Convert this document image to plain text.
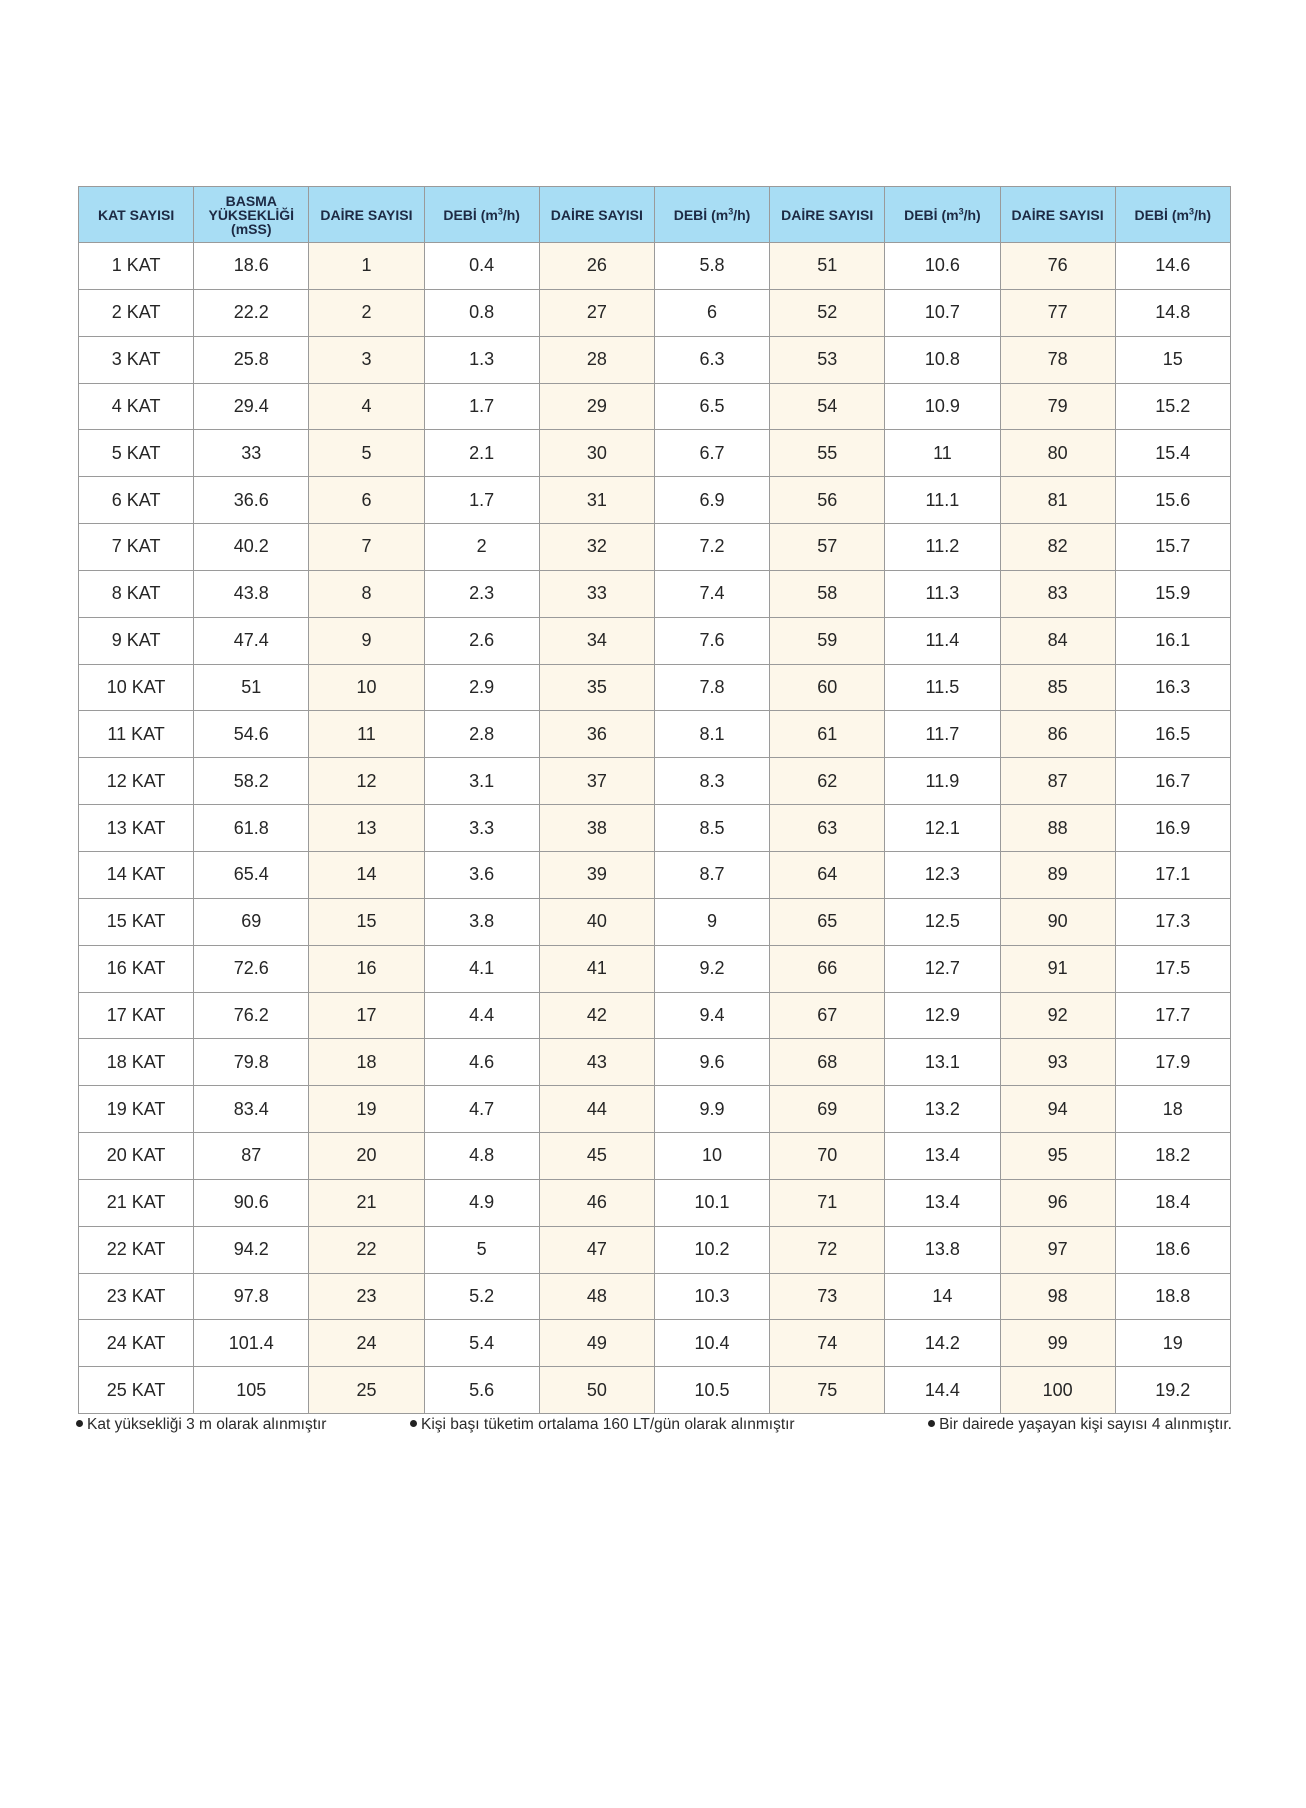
KAT SAYISI	BASMA YÜKSEKLİĞİ (mSS)	DAİRE SAYISI	DEBİ $(m^3/h)$	DAİRE SAYISI	DEBİ $(m^3/h)$	DAİRE SAYISI	DEBİ $(m^3/h)$	DAİRE SAYISI	DEBİ $(m^3/h)$
1 KAT	18.6	1	0.4	26	5.8	51	10.6	76	14.6
2 KAT	22.2	2	0.8	27	6	52	10.7	77	14.8
3 KAT	25.8	3	1.3	28	6.3	53	10.8	78	15
4 KAT	29.4	4	1.7	29	6.5	54	10.9	79	15.2
5 KAT	33	5	2.1	30	6.7	55	11	80	15.4
6 KAT	36.6	6	1.7	31	6.9	56	11.1	81	15.6
7 KAT	40.2	7	2	32	7.2	57	11.2	82	15.7
8 KAT	43.8	8	2.3	33	7.4	58	11.3	83	15.9
9 KAT	47.4	9	2.6	34	7.6	59	11.4	84	16.1
10 KAT	51	10	2.9	35	7.8	60	11.5	85	16.3
11 KAT	54.6	11	2.8	36	8.1	61	11.7	86	16.5
12 KAT	58.2	12	3.1	37	8.3	62	11.9	87	16.7
13 KAT	61.8	13	3.3	38	8.5	63	12.1	88	16.9
14 KAT	65.4	14	3.6	39	8.7	64	12.3	89	17.1
15 KAT	69	15	3.8	40	9	65	12.5	90	17.3
16 KAT	72.6	16	4.1	41	9.2	66	12.7	91	17.5
17 KAT	76.2	17	4.4	42	9.4	67	12.9	92	17.7
18 KAT	79.8	18	4.6	43	9.6	68	13.1	93	17.9
19 KAT	83.4	19	4.7	44	9.9	69	13.2	94	18
20 KAT	87	20	4.8	45	10	70	13.4	95	18.2
21 KAT	90.6	21	4.9	46	10.1	71	13.4	96	18.4
22 KAT	94.2	22	5	47	10.2	72	13.8	97	18.6
23 KAT	97.8	23	5.2	48	10.3	73	14	98	18.8
24 KAT	101.4	24	5.4	49	10.4	74	14.2	99	19
25 KAT	105	25	5.6	50	10.5	75	14.4	100	19.2
Kat yüksekliği 3 m olarak alınmıştır	Kişi başı tüketim ortalama 160 LT/gün olarak alınmıştır	Bir dairede yaşayan kişi sayısı 4 alınmıştır.
